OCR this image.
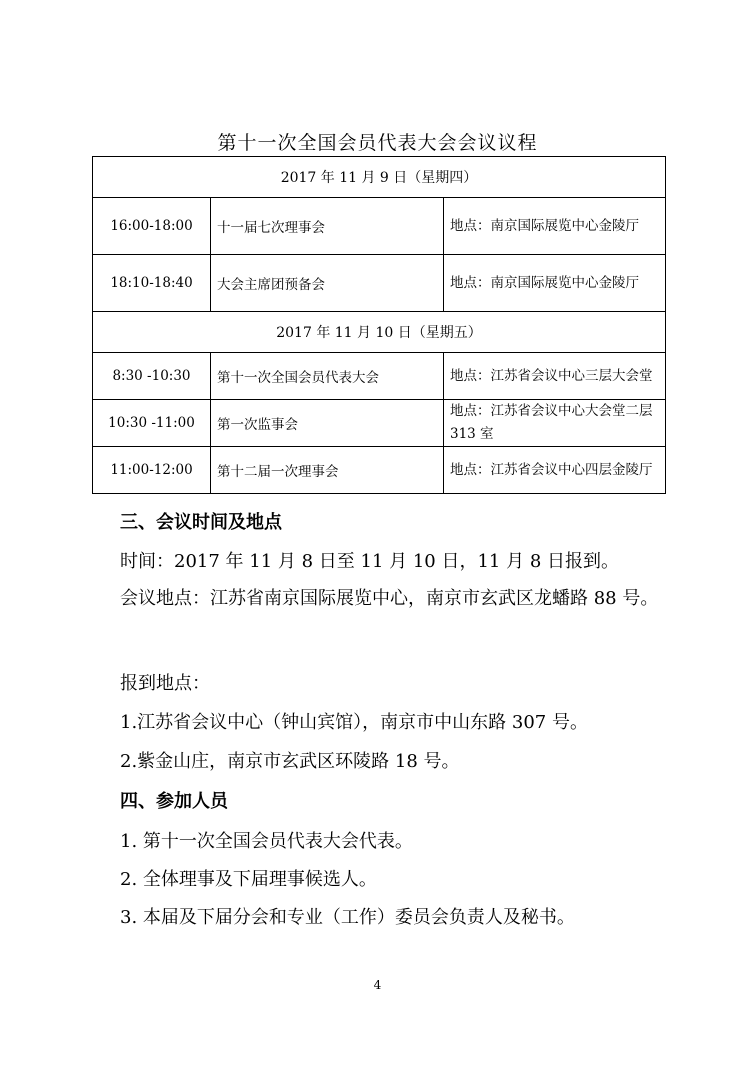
第十一次全国会员代表大会会议议程
2017 年 11 月 9 日（星期四）		
16:00-18:00	十一届七次理事会	地点：南京国际展览中心金陵厅
18:10-18:40	大会主席团预备会	地点：南京国际展览中心金陵厅
2017 年 11 月 10 日（星期五）		
8:30 -10:30	第十一次全国会员代表大会	地点：江苏省会议中心三层大会堂
10:30 -11:00	第一次监事会	地点：江苏省会议中心大会堂二层 313 室
11:00-12:00	第十二届一次理事会	地点：江苏省会议中心四层金陵厅
三、会议时间及地点
时间：2017 年 11 月 8 日至 11 月 10 日，11 月 8 日报到。
会议地点：江苏省南京国际展览中心，南京市玄武区龙蟠路 88 号。
报到地点：
1.江苏省会议中心（钟山宾馆），南京市中山东路 307 号。
2.紫金山庄，南京市玄武区环陵路 18 号。
四、参加人员
1. 第十一次全国会员代表大会代表。
2. 全体理事及下届理事候选人。
3. 本届及下届分会和专业（工作）委员会负责人及秘书。
4
